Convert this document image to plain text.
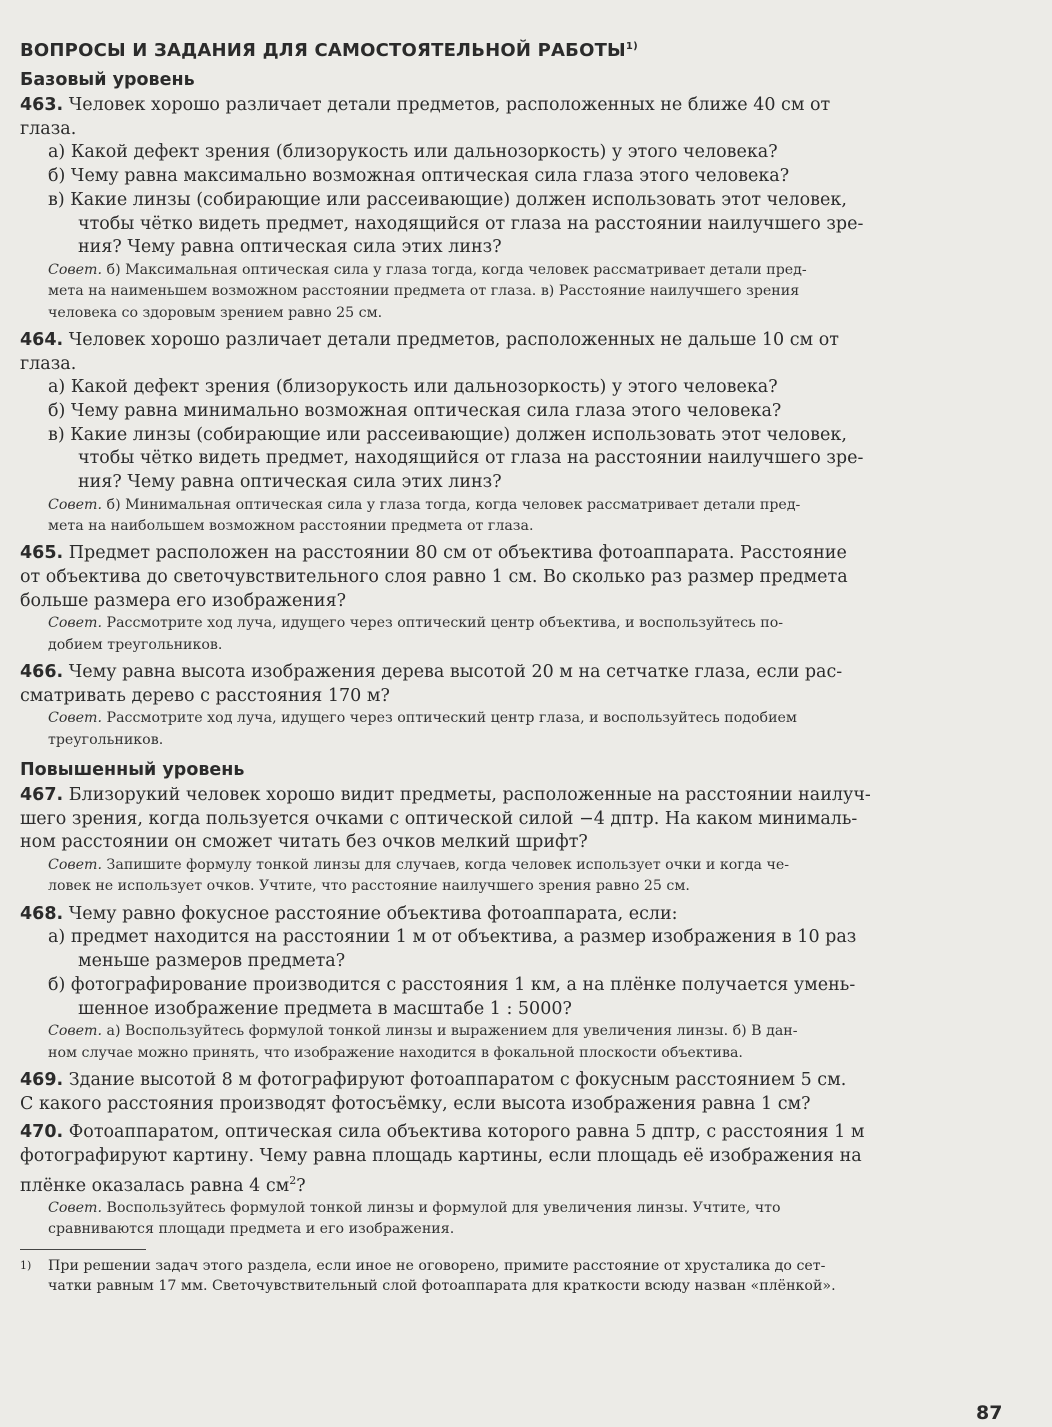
ВОПРОСЫ И ЗАДАНИЯ ДЛЯ САМОСТОЯТЕЛЬНОЙ РАБОТЫ$^{1)}$

Базовый уровень

463. Человек хорошо различает детали предметов, расположенных не ближе 40 см от

глаза.

а) Какой дефект зрения (близорукость или дальнозоркость) у этого человека?

б) Чему равна максимально возможная оптическая сила глаза этого человека?

в) Какие линзы (собирающие или рассеивающие) должен использовать этот человек,

чтобы чётко видеть предмет, находящийся от глаза на расстоянии наилучшего зре-

ния? Чему равна оптическая сила этих линз?

Совет. б) Максимальная оптическая сила у глаза тогда, когда человек рассматривает детали пред-

мета на наименьшем возможном расстоянии предмета от глаза. в) Расстояние наилучшего зрения

человека со здоровым зрением равно 25 см.

464. Человек хорошо различает детали предметов, расположенных не дальше 10 см от

глаза.

а) Какой дефект зрения (близорукость или дальнозоркость) у этого человека?

б) Чему равна минимально возможная оптическая сила глаза этого человека?

в) Какие линзы (собирающие или рассеивающие) должен использовать этот человек,

чтобы чётко видеть предмет, находящийся от глаза на расстоянии наилучшего зре-

ния? Чему равна оптическая сила этих линз?

Совет. б) Минимальная оптическая сила у глаза тогда, когда человек рассматривает детали пред-

мета на наибольшем возможном расстоянии предмета от глаза.

465. Предмет расположен на расстоянии 80 см от объектива фотоаппарата. Расстояние

от объектива до светочувствительного слоя равно 1 см. Во сколько раз размер предмета

больше размера его изображения?

Совет. Рассмотрите ход луча, идущего через оптический центр объектива, и воспользуйтесь по-

добием треугольников.

466. Чему равна высота изображения дерева высотой 20 м на сетчатке глаза, если рас-

сматривать дерево с расстояния 170 м?

Совет. Рассмотрите ход луча, идущего через оптический центр глаза, и воспользуйтесь подобием

треугольников.

Повышенный уровень

467. Близорукий человек хорошо видит предметы, расположенные на расстоянии наилуч-

шего зрения, когда пользуется очками с оптической силой −4 дптр. На каком минималь-

ном расстоянии он сможет читать без очков мелкий шрифт?

Совет. Запишите формулу тонкой линзы для случаев, когда человек использует очки и когда че-

ловек не использует очков. Учтите, что расстояние наилучшего зрения равно 25 см.

468. Чему равно фокусное расстояние объектива фотоаппарата, если:

а) предмет находится на расстоянии 1 м от объектива, а размер изображения в 10 раз

меньше размеров предмета?

б) фотографирование производится с расстояния 1 км, а на плёнке получается умень-

шенное изображение предмета в масштабе 1 : 5000?

Совет. а) Воспользуйтесь формулой тонкой линзы и выражением для увеличения линзы. б) В дан-

ном случае можно принять, что изображение находится в фокальной плоскости объектива.

469. Здание высотой 8 м фотографируют фотоаппаратом с фокусным расстоянием 5 см.

С какого расстояния производят фотосъёмку, если высота изображения равна 1 см?

470. Фотоаппаратом, оптическая сила объектива которого равна 5 дптр, с расстояния 1 м

фотографируют картину. Чему равна площадь картины, если площадь её изображения на

плёнке оказалась равна 4 $см^2$?

Совет. Воспользуйтесь формулой тонкой линзы и формулой для увеличения линзы. Учтите, что

сравниваются площади предмета и его изображения.

1) При решении задач этого раздела, если иное не оговорено, примите расстояние от хрусталика до сет-

чатки равным 17 мм. Светочувствительный слой фотоаппарата для краткости всюду назван «плёнкой».

87
